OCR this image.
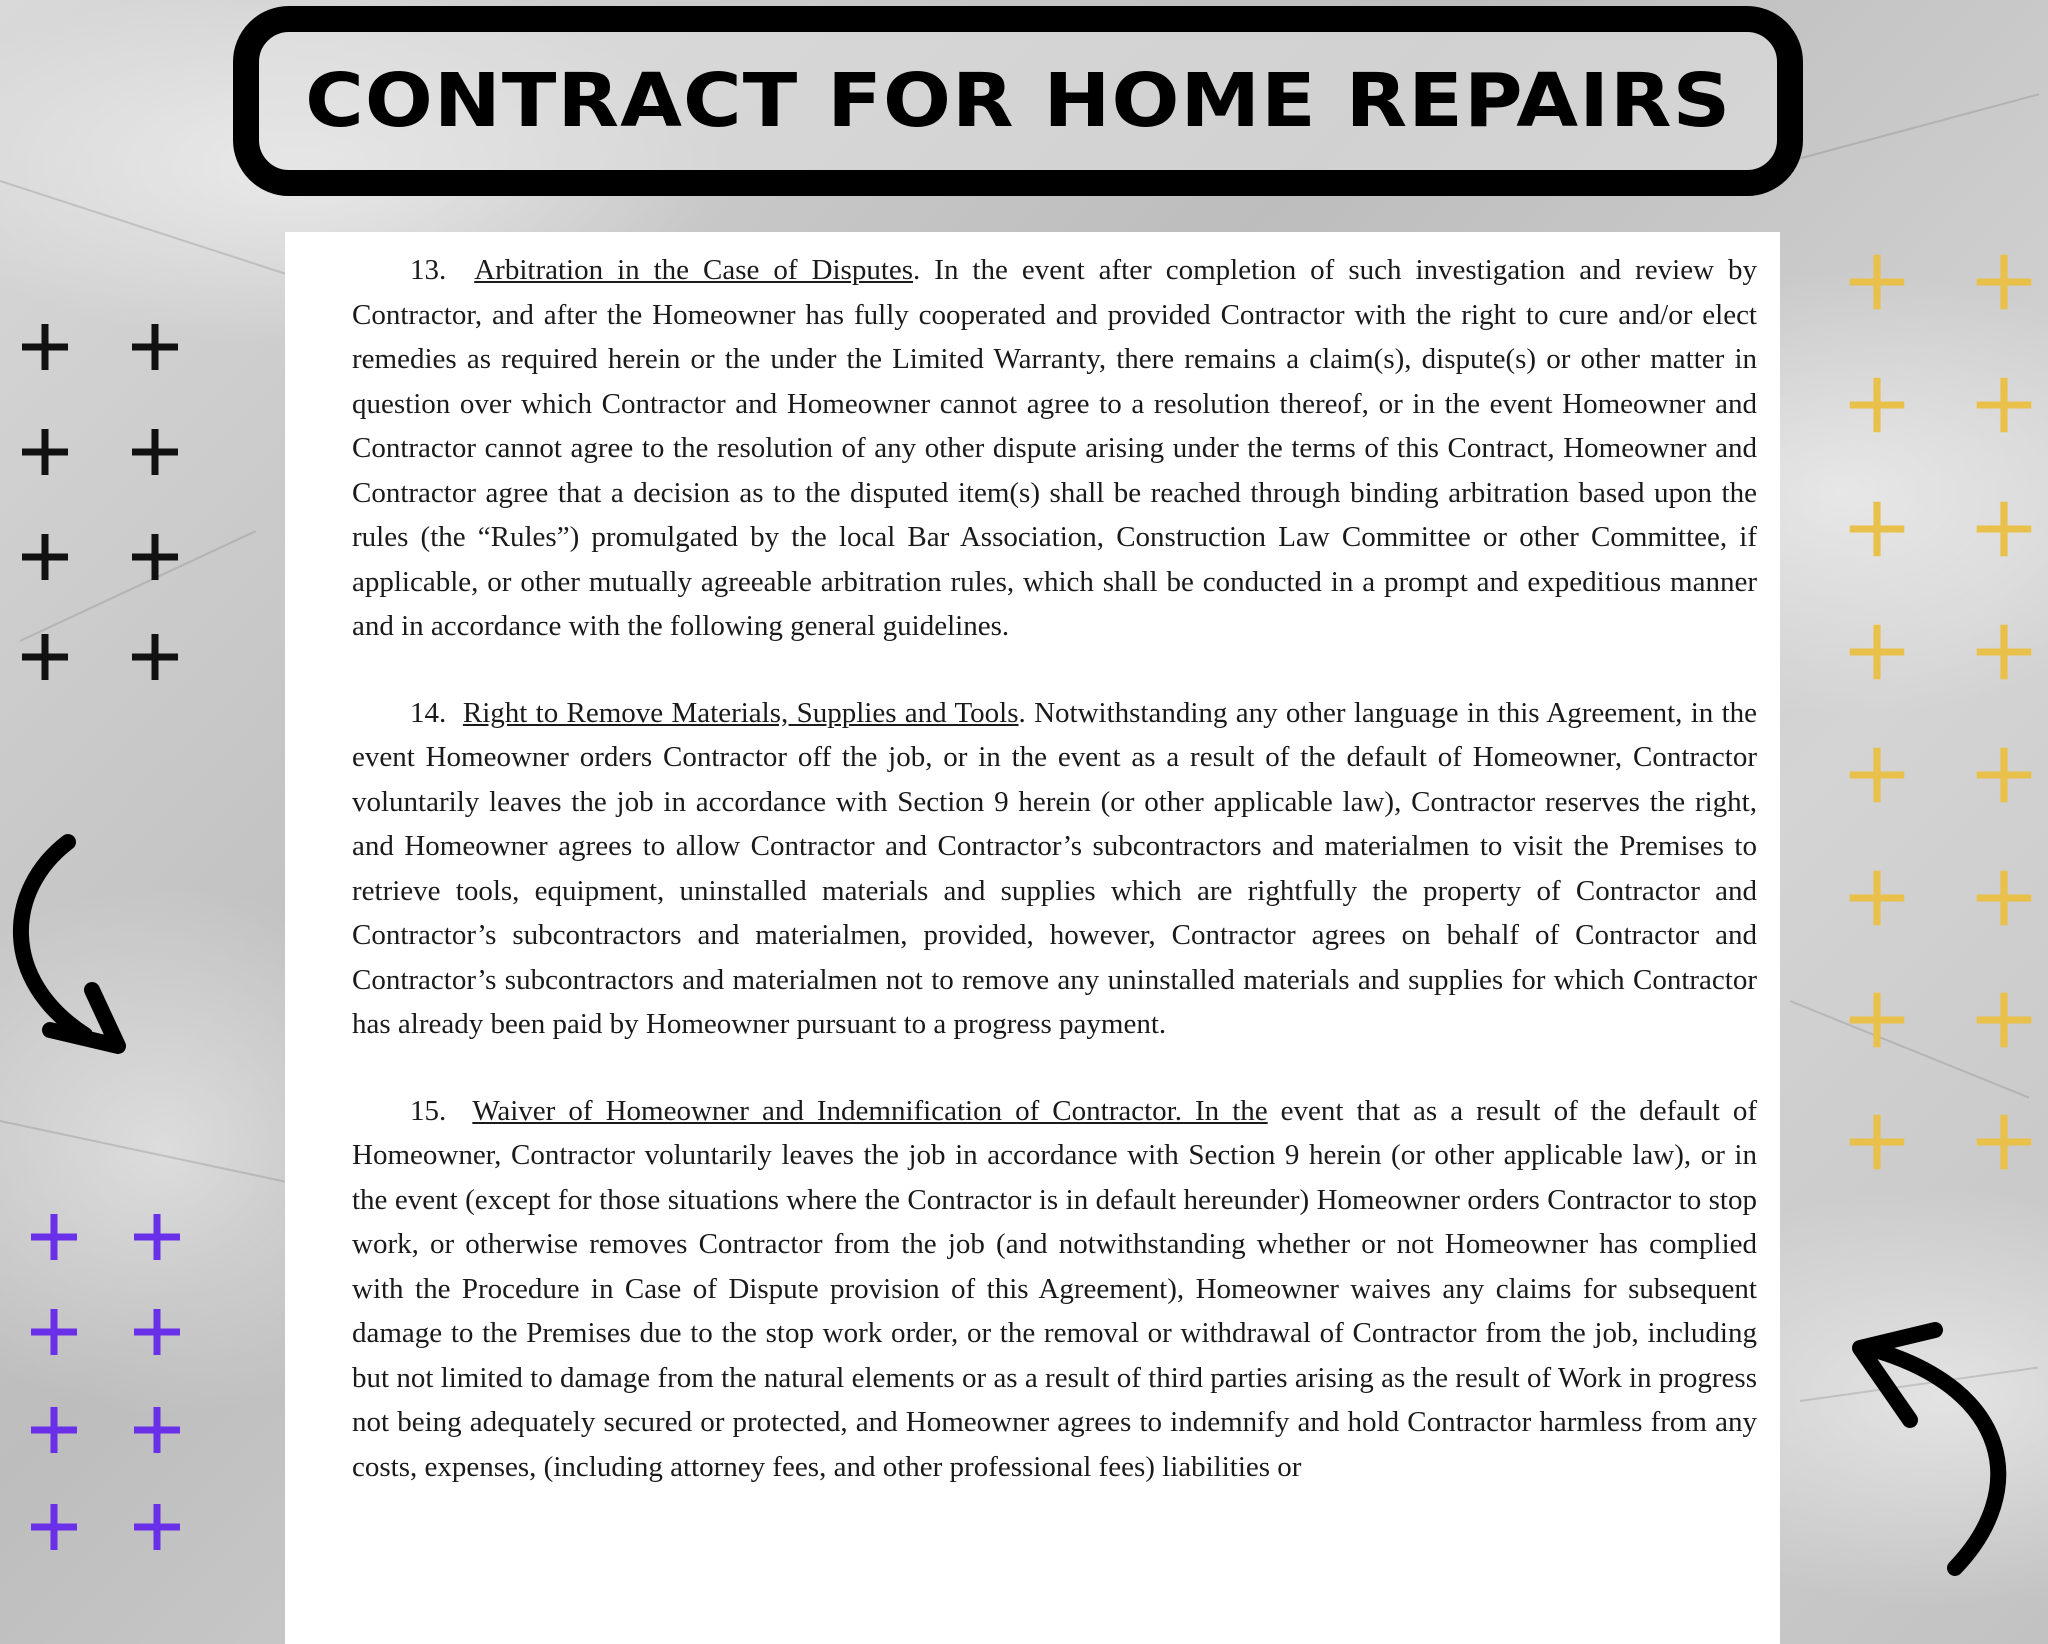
CONTRACT FOR HOME REPAIRS

13. Arbitration in the Case of Disputes. In the event after completion of such investigation and review by Contractor, and after the Homeowner has fully cooperated and provided Contractor with the right to cure and/or elect remedies as required herein or the under the Limited Warranty, there remains a claim(s), dispute(s) or other matter in question over which Contractor and Homeowner cannot agree to a resolution thereof, or in the event Homeowner and Contractor cannot agree to the resolution of any other dispute arising under the terms of this Contract, Homeowner and Contractor agree that a decision as to the disputed item(s) shall be reached through binding arbitration based upon the rules (the “Rules”) promulgated by the local Bar Association, Construction Law Committee or other Committee, if applicable, or other mutually agreeable arbitration rules, which shall be conducted in a prompt and expeditious manner and in accordance with the following general guidelines.

14. Right to Remove Materials, Supplies and Tools. Notwithstanding any other language in this Agreement, in the event Homeowner orders Contractor off the job, or in the event as a result of the default of Homeowner, Contractor voluntarily leaves the job in accordance with Section 9 herein (or other applicable law), Contractor reserves the right, and Homeowner agrees to allow Contractor and Contractor’s subcontractors and materialmen to visit the Premises to retrieve tools, equipment, uninstalled materials and supplies which are rightfully the property of Contractor and Contractor’s subcontractors and materialmen, provided, however, Contractor agrees on behalf of Contractor and Contractor’s subcontractors and materialmen not to remove any uninstalled materials and supplies for which Contractor has already been paid by Homeowner pursuant to a progress payment.

15. Waiver of Homeowner and Indemnification of Contractor. In the event that as a result of the default of Homeowner, Contractor voluntarily leaves the job in accordance with Section 9 herein (or other applicable law), or in the event (except for those situations where the Contractor is in default hereunder) Homeowner orders Contractor to stop work, or otherwise removes Contractor from the job (and notwithstanding whether or not Homeowner has complied with the Procedure in Case of Dispute provision of this Agreement), Homeowner waives any claims for subsequent damage to the Premises due to the stop work order, or the removal or withdrawal of Contractor from the job, including but not limited to damage from the natural elements or as a result of third parties arising as the result of Work in progress not being adequately secured or protected, and Homeowner agrees to indemnify and hold Contractor harmless from any costs, expenses, (including attorney fees, and other professional fees) liabilities or
